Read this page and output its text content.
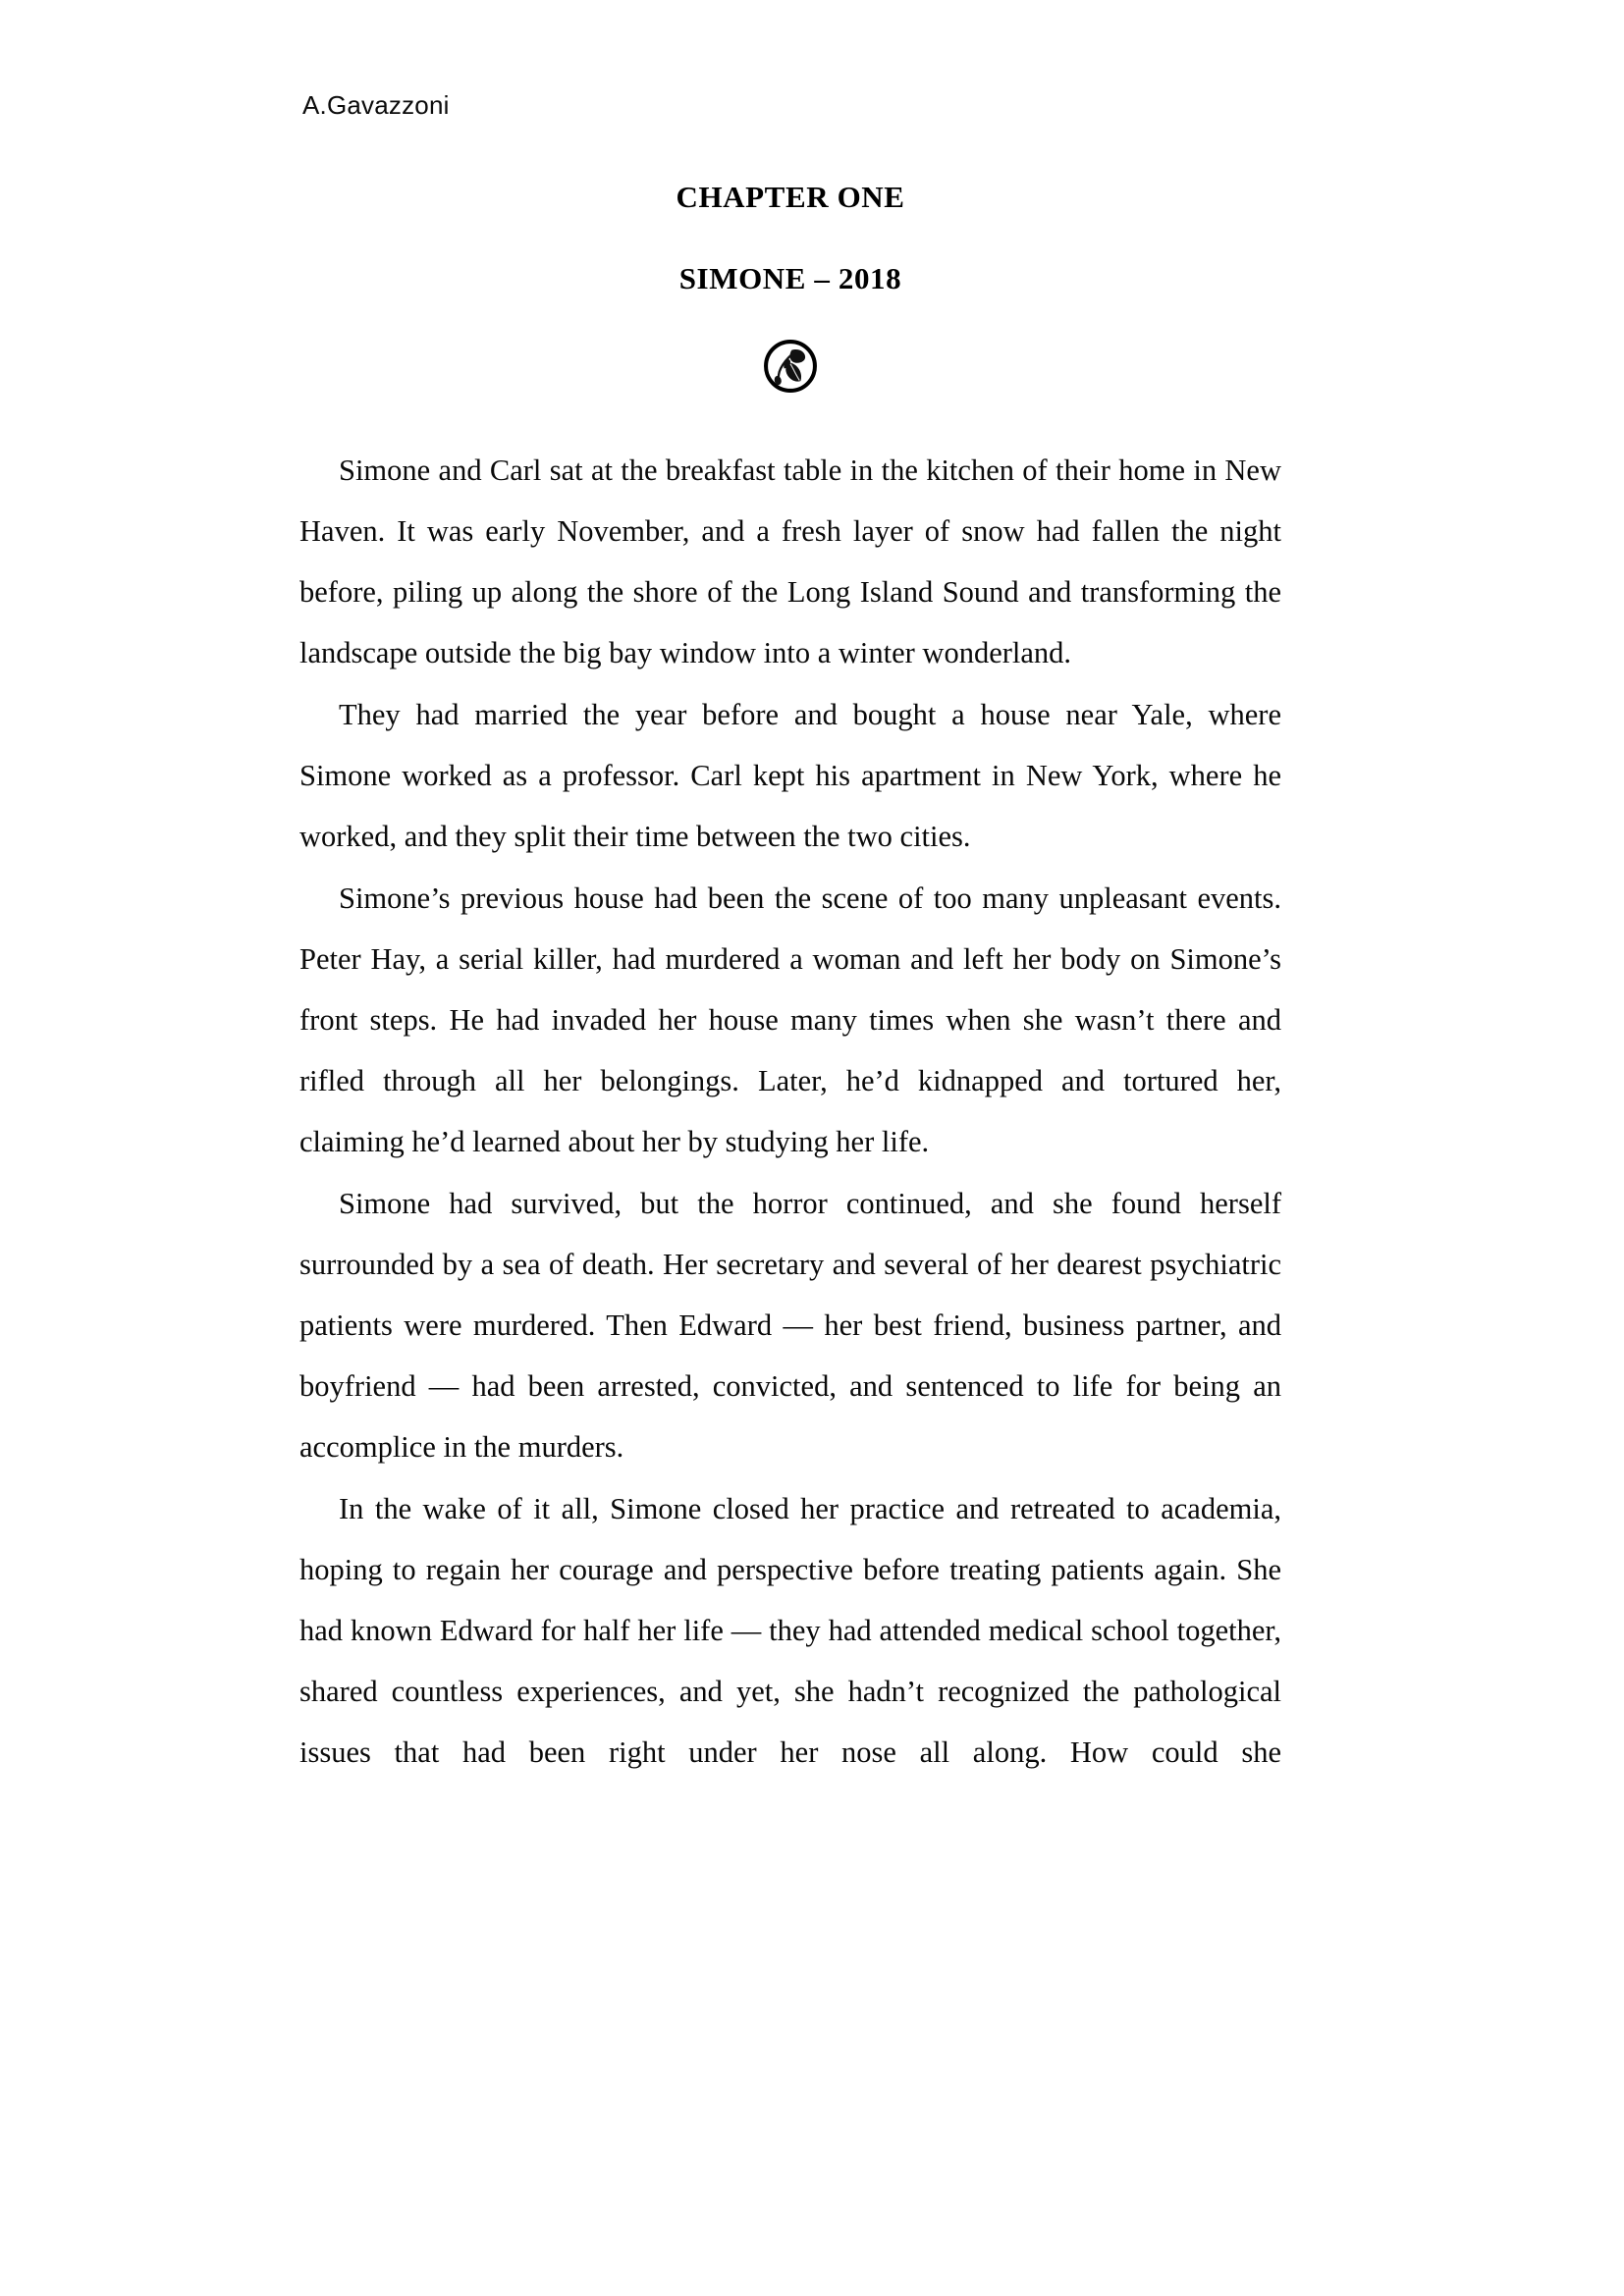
A.Gavazzoni
CHAPTER ONE
SIMONE – 2018

Simone and Carl sat at the breakfast table in the kitchen of their home in New Haven. It was early November, and a fresh layer of snow had fallen the night before, piling up along the shore of the Long Island Sound and transforming the landscape outside the big bay window into a winter wonderland.

They had married the year before and bought a house near Yale, where Simone worked as a professor. Carl kept his apartment in New York, where he worked, and they split their time between the two cities.

Simone’s previous house had been the scene of too many unpleasant events. Peter Hay, a serial killer, had murdered a woman and left her body on Simone’s front steps. He had invaded her house many times when she wasn’t there and rifled through all her belongings. Later, he’d kidnapped and tortured her, claiming he’d learned about her by studying her life.

Simone had survived, but the horror continued, and she found herself surrounded by a sea of death. Her secretary and several of her dearest psychiatric patients were murdered. Then Edward — her best friend, business partner, and boyfriend — had been arrested, convicted, and sentenced to life for being an accomplice in the murders.

In the wake of it all, Simone closed her practice and retreated to academia, hoping to regain her courage and perspective before treating patients again. She had known Edward for half her life — they had attended medical school together, shared countless experiences, and yet, she hadn’t recognized the pathological issues that had been right under her nose all along. How could she
